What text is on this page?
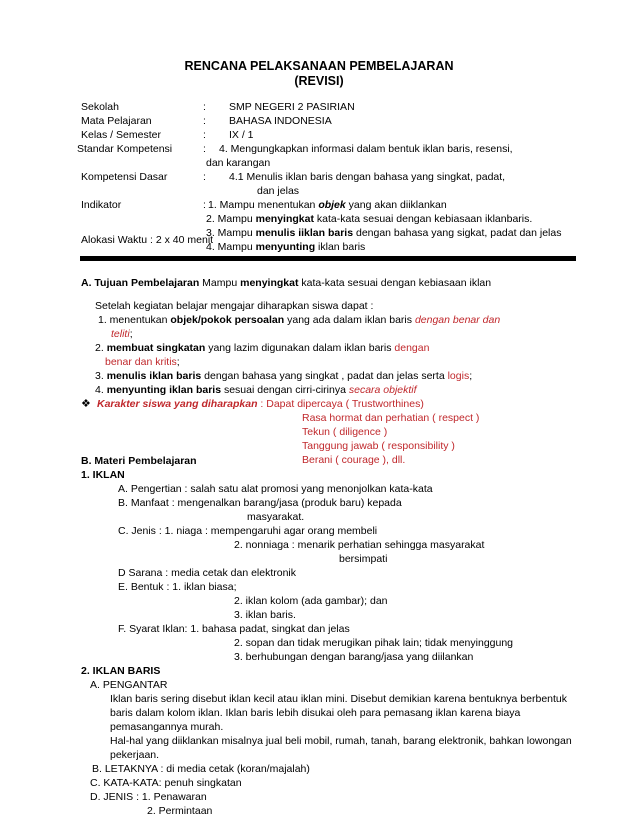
RENCANA PELAKSANAAN PEMBELAJARAN
(REVISI)
Sekolah	: SMP NEGERI 2 PASIRIAN
Mata Pelajaran	: BAHASA INDONESIA
Kelas / Semester	: IX / 1
Standar Kompetensi	: 4. Mengungkapkan informasi dalam bentuk iklan baris, resensi,
dan karangan
Kompetensi Dasar	: 4.1 Menulis iklan baris dengan bahasa yang singkat, padat,
dan jelas
Indikator	: 1. Mampu menentukan objek yang akan diiklankan
2. Mampu menyingkat kata-kata sesuai dengan kebiasaan iklanbaris.
3. Mampu menulis iiklan baris dengan bahasa yang sigkat, padat dan jelas
4. Mampu menyunting iklan baris
Alokasi Waktu : 2 x 40 menit
A. Tujuan Pembelajaran Mampu menyingkat kata-kata sesuai dengan kebiasaan iklan
Setelah kegiatan belajar mengajar diharapkan siswa dapat :
1. menentukan objek/pokok persoalan yang ada dalam iklan baris dengan benar dan
teliti;
2. membuat singkatan yang lazim digunakan dalam iklan baris dengan
benar dan kritis;
3. menulis iklan baris dengan bahasa yang singkat , padat dan jelas serta logis;
4. menyunting iklan baris sesuai dengan cirri-cirinya secara objektif
❖ Karakter siswa yang diharapkan : Dapat dipercaya ( Trustworthines)
Rasa hormat dan perhatian ( respect )
Tekun ( diligence )
Tanggung jawab ( responsibility )
Berani ( courage ), dll.
B. Materi Pembelajaran
1. IKLAN
A. Pengertian : salah satu alat promosi yang menonjolkan kata-kata
B. Manfaat : mengenalkan barang/jasa (produk baru) kepada
masyarakat.
C. Jenis : 1. niaga : mempengaruhi agar orang membeli
2. nonniaga : menarik perhatian sehingga masyarakat
bersimpati
D Sarana : media cetak dan elektronik
E. Bentuk : 1. iklan biasa;
2. iklan kolom (ada gambar); dan
3. iklan baris.
F. Syarat Iklan: 1. bahasa padat, singkat dan jelas
2. sopan dan tidak merugikan pihak lain; tidak menyinggung
3. berhubungan dengan barang/jasa yang diilankan
2. IKLAN BARIS
A. PENGANTAR
Iklan baris sering disebut iklan kecil atau iklan mini. Disebut demikian karena bentuknya berbentuk
baris dalam kolom iklan. Iklan baris lebih disukai oleh para pemasang iklan karena biaya
pemasangannya murah.
Hal-hal yang diiklankan misalnya jual beli mobil, rumah, tanah, barang elektronik, bahkan lowongan
pekerjaan.
B. LETAKNYA : di media cetak (koran/majalah)
C. KATA-KATA: penuh singkatan
D. JENIS : 1. Penawaran
2. Permintaan
